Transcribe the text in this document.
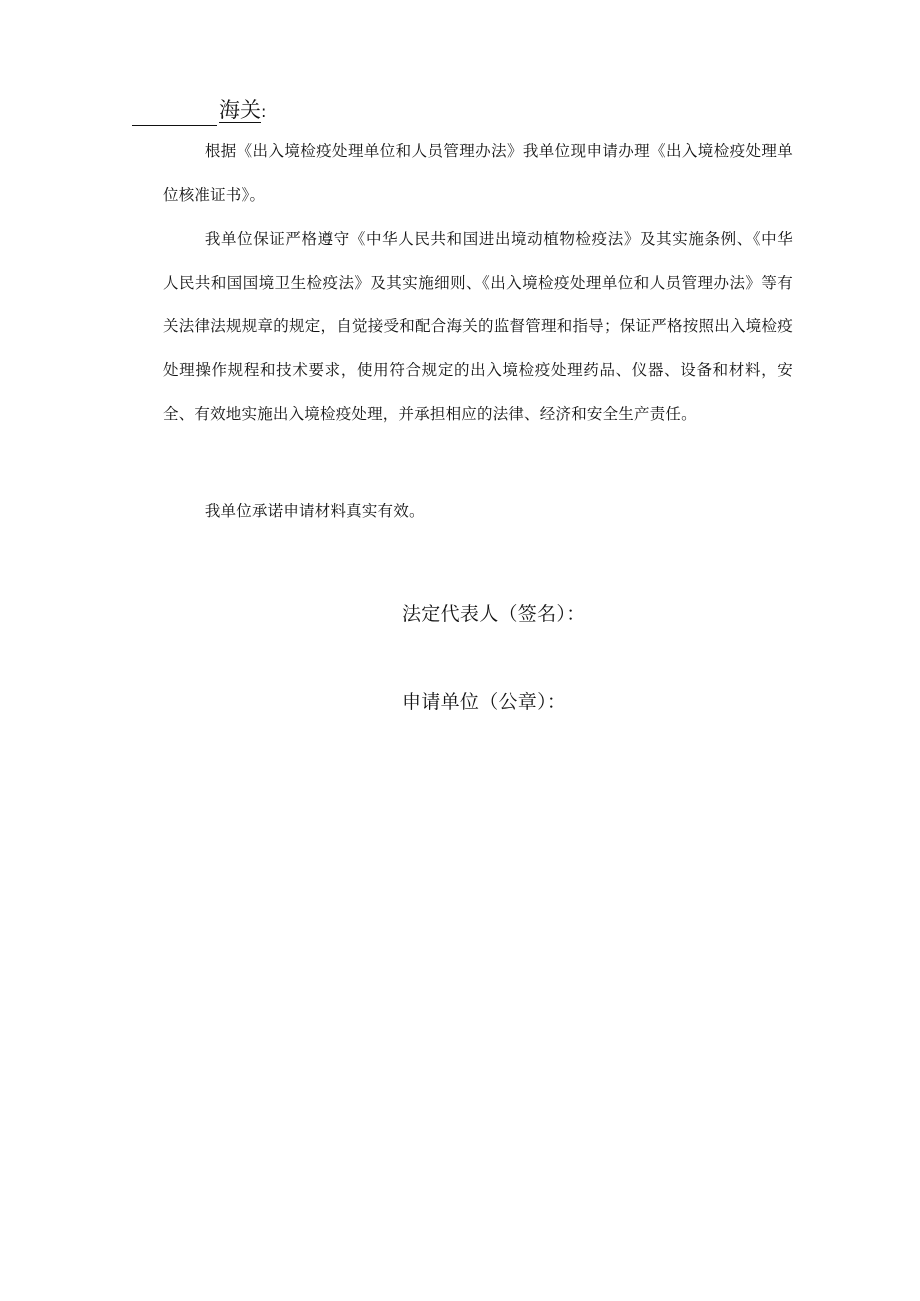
海关:

根据《出入境检疫处理单位和人员管理办法》我单位现申请办理《出入境检疫处理单位核准证书》。

我单位保证严格遵守《中华人民共和国进出境动植物检疫法》及其实施条例、《中华人民共和国国境卫生检疫法》及其实施细则、《出入境检疫处理单位和人员管理办法》等有关法律法规规章的规定，自觉接受和配合海关的监督管理和指导；保证严格按照出入境检疫处理操作规程和技术要求，使用符合规定的出入境检疫处理药品、仪器、设备和材料，安全、有效地实施出入境检疫处理，并承担相应的法律、经济和安全生产责任。

我单位承诺申请材料真实有效。

法定代表人（签名）：
申请单位（公章）：
